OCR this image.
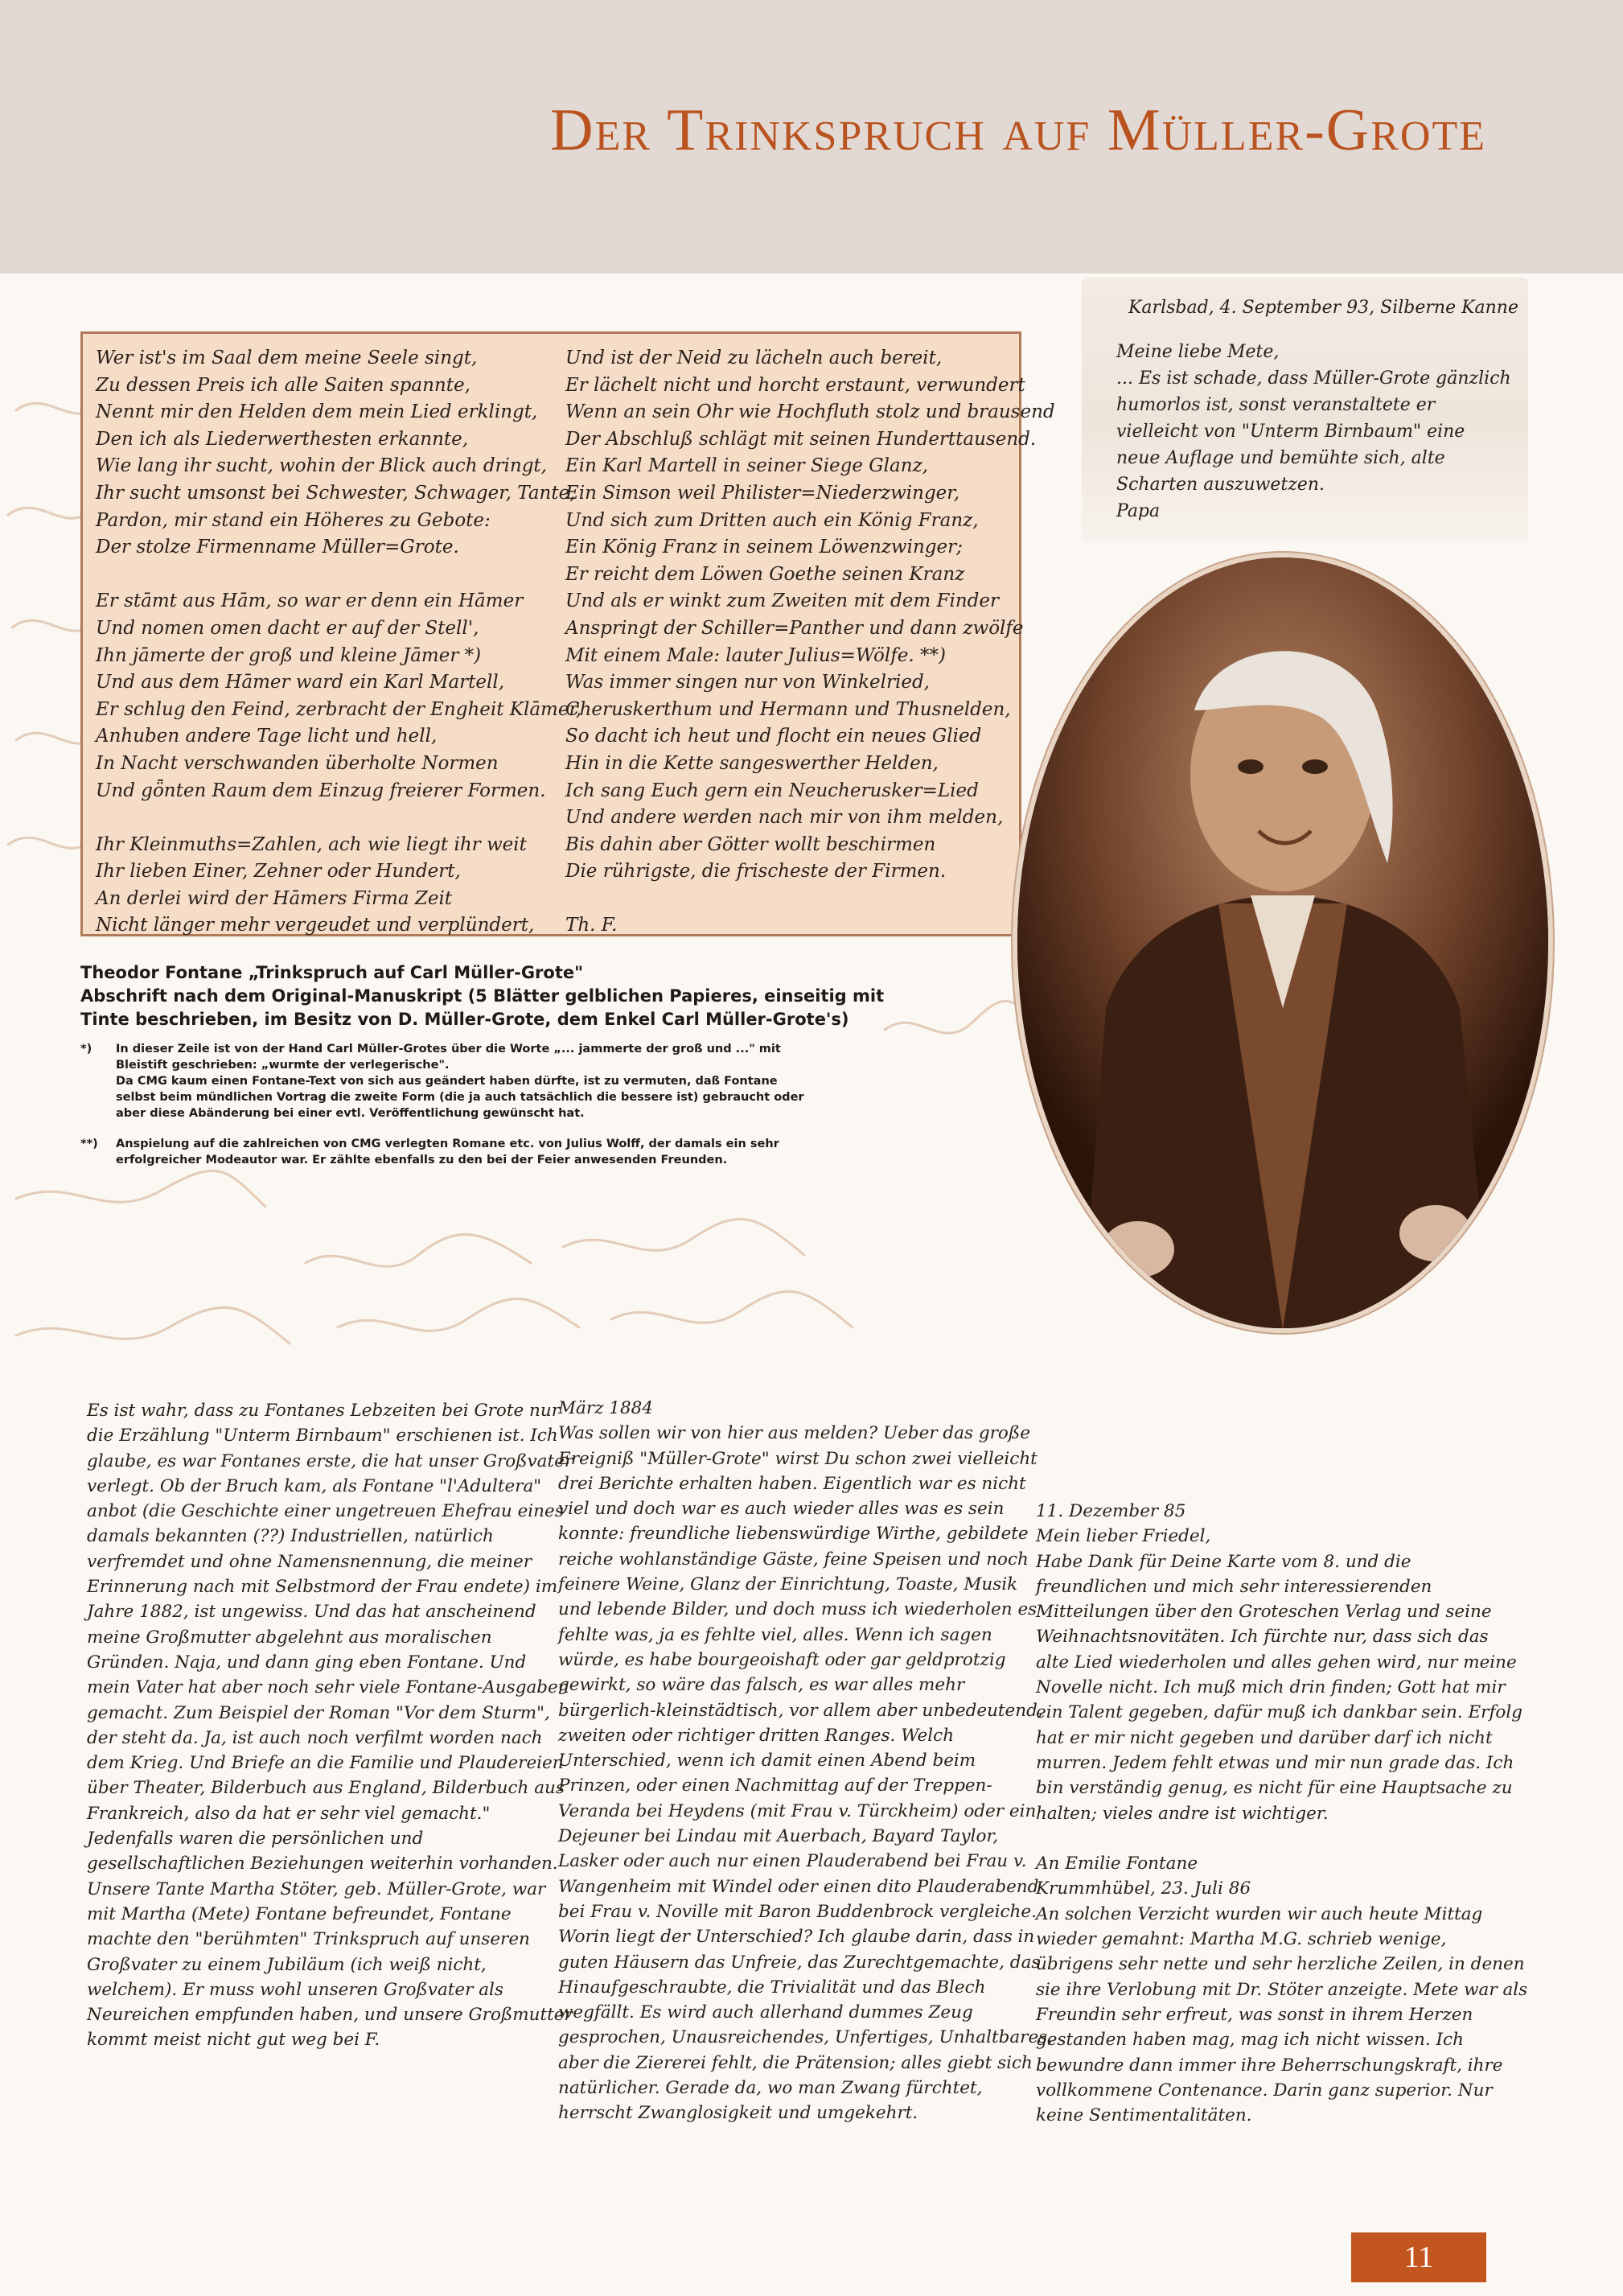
Der Trinkspruch auf Müller-Grote
Wer ist's im Saal dem meine Seele singt,
Zu dessen Preis ich alle Saiten spannte,
Nennt mir den Helden dem mein Lied erklingt,
Den ich als Liederwerthesten erkannte,
Wie lang ihr sucht, wohin der Blick auch dringt,
Ihr sucht umsonst bei Schwester, Schwager, Tante,
Pardon, mir stand ein Höheres zu Gebote:
Der stolze Firmenname Müller=Grote.
Er stāmt aus Hām, so war er denn ein Hāmer
Und nomen omen dacht er auf der Stell',
Ihn jāmerte der groß und kleine Jāmer *)
Und aus dem Hāmer ward ein Karl Martell,
Er schlug den Feind, zerbracht der Engheit Klāmer,
Anhuben andere Tage licht und hell,
In Nacht verschwanden überholte Normen
Und gȫnten Raum dem Einzug freierer Formen.
Ihr Kleinmuths=Zahlen, ach wie liegt ihr weit
Ihr lieben Einer, Zehner oder Hundert,
An derlei wird der Hāmers Firma Zeit
Nicht länger mehr vergeudet und verplündert,
Und ist der Neid zu lächeln auch bereit,
Er lächelt nicht und horcht erstaunt, verwundert
Wenn an sein Ohr wie Hochfluth stolz und brausend
Der Abschluß schlägt mit seinen Hunderttausend.
Ein Karl Martell in seiner Siege Glanz,
Ein Simson weil Philister=Niederzwinger,
Und sich zum Dritten auch ein König Franz,
Ein König Franz in seinem Löwenzwinger;
Er reicht dem Löwen Goethe seinen Kranz
Und als er winkt zum Zweiten mit dem Finder
Anspringt der Schiller=Panther und dann zwölfe
Mit einem Male: lauter Julius=Wölfe. **)
Was immer singen nur von Winkelried,
Cheruskerthum und Hermann und Thusnelden,
So dacht ich heut und flocht ein neues Glied
Hin in die Kette sangeswerther Helden,
Ich sang Euch gern ein Neucherusker=Lied
Und andere werden nach mir von ihm melden,
Bis dahin aber Götter wollt beschirmen
Die rührigste, die frischeste der Firmen.
Th. F.
Karlsbad, 4. September 93, Silberne Kanne
Meine liebe Mete,
... Es ist schade, dass Müller-Grote gänzlich
humorlos ist, sonst veranstaltete er
vielleicht von "Unterm Birnbaum" eine
neue Auflage und bemühte sich, alte
Scharten auszuwetzen.
Papa
Theodor Fontane „Trinkspruch auf Carl Müller-Grote"
Abschrift nach dem Original-Manuskript (5 Blätter gelblichen Papieres, einseitig mit
Tinte beschrieben, im Besitz von D. Müller-Grote, dem Enkel Carl Müller-Grote's)
*)	In dieser Zeile ist von der Hand Carl Müller-Grotes über die Worte „... jammerte der groß und ..." mit
Bleistift geschrieben: „wurmte der verlegerische".
Da CMG kaum einen Fontane-Text von sich aus geändert haben dürfte, ist zu vermuten, daß Fontane
selbst beim mündlichen Vortrag die zweite Form (die ja auch tatsächlich die bessere ist) gebraucht oder
aber diese Abänderung bei einer evtl. Veröffentlichung gewünscht hat.
**)	Anspielung auf die zahlreichen von CMG verlegten Romane etc. von Julius Wolff, der damals ein sehr
erfolgreicher Modeautor war. Er zählte ebenfalls zu den bei der Feier anwesenden Freunden.
Es ist wahr, dass zu Fontanes Lebzeiten bei Grote nur
die Erzählung "Unterm Birnbaum" erschienen ist. Ich
glaube, es war Fontanes erste, die hat unser Großvater
verlegt. Ob der Bruch kam, als Fontane "l'Adultera"
anbot (die Geschichte einer ungetreuen Ehefrau eines
damals bekannten (??) Industriellen, natürlich
verfremdet und ohne Namensnennung, die meiner
Erinnerung nach mit Selbstmord der Frau endete) im
Jahre 1882, ist ungewiss. Und das hat anscheinend
meine Großmutter abgelehnt aus moralischen
Gründen. Naja, und dann ging eben Fontane. Und
mein Vater hat aber noch sehr viele Fontane-Ausgaben
gemacht. Zum Beispiel der Roman "Vor dem Sturm",
der steht da. Ja, ist auch noch verfilmt worden nach
dem Krieg. Und Briefe an die Familie und Plaudereien
über Theater, Bilderbuch aus England, Bilderbuch aus
Frankreich, also da hat er sehr viel gemacht."
Jedenfalls waren die persönlichen und
gesellschaftlichen Beziehungen weiterhin vorhanden.
Unsere Tante Martha Stöter, geb. Müller-Grote, war
mit Martha (Mete) Fontane befreundet, Fontane
machte den "berühmten" Trinkspruch auf unseren
Großvater zu einem Jubiläum (ich weiß nicht,
welchem). Er muss wohl unseren Großvater als
Neureichen empfunden haben, und unsere Großmutter
kommt meist nicht gut weg bei F.
März 1884
Was sollen wir von hier aus melden? Ueber das große
Ereigniß "Müller-Grote" wirst Du schon zwei vielleicht
drei Berichte erhalten haben. Eigentlich war es nicht
viel und doch war es auch wieder alles was es sein
konnte: freundliche liebenswürdige Wirthe, gebildete
reiche wohlanständige Gäste, feine Speisen und noch
feinere Weine, Glanz der Einrichtung, Toaste, Musik
und lebende Bilder, und doch muss ich wiederholen es
fehlte was, ja es fehlte viel, alles. Wenn ich sagen
würde, es habe bourgeoishaft oder gar geldprotzig
gewirkt, so wäre das falsch, es war alles mehr
bürgerlich-kleinstädtisch, vor allem aber unbedeutend,
zweiten oder richtiger dritten Ranges. Welch
Unterschied, wenn ich damit einen Abend beim
Prinzen, oder einen Nachmittag auf der Treppen-
Veranda bei Heydens (mit Frau v. Türckheim) oder ein
Dejeuner bei Lindau mit Auerbach, Bayard Taylor,
Lasker oder auch nur einen Plauderabend bei Frau v.
Wangenheim mit Windel oder einen dito Plauderabend
bei Frau v. Noville mit Baron Buddenbrock vergleiche.
Worin liegt der Unterschied? Ich glaube darin, dass in
guten Häusern das Unfreie, das Zurechtgemachte, das
Hinaufgeschraubte, die Trivialität und das Blech
wegfällt. Es wird auch allerhand dummes Zeug
gesprochen, Unausreichendes, Unfertiges, Unhaltbares,
aber die Ziererei fehlt, die Prätension; alles giebt sich
natürlicher. Gerade da, wo man Zwang fürchtet,
herrscht Zwanglosigkeit und umgekehrt.
11. Dezember 85
Mein lieber Friedel,
Habe Dank für Deine Karte vom 8. und die
freundlichen und mich sehr interessierenden
Mitteilungen über den Groteschen Verlag und seine
Weihnachtsnovitäten. Ich fürchte nur, dass sich das
alte Lied wiederholen und alles gehen wird, nur meine
Novelle nicht. Ich muß mich drin finden; Gott hat mir
ein Talent gegeben, dafür muß ich dankbar sein. Erfolg
hat er mir nicht gegeben und darüber darf ich nicht
murren. Jedem fehlt etwas und mir nun grade das. Ich
bin verständig genug, es nicht für eine Hauptsache zu
halten; vieles andre ist wichtiger.
An Emilie Fontane
Krummhübel, 23. Juli 86
An solchen Verzicht wurden wir auch heute Mittag
wieder gemahnt: Martha M.G. schrieb wenige,
übrigens sehr nette und sehr herzliche Zeilen, in denen
sie ihre Verlobung mit Dr. Stöter anzeigte. Mete war als
Freundin sehr erfreut, was sonst in ihrem Herzen
gestanden haben mag, mag ich nicht wissen. Ich
bewundre dann immer ihre Beherrschungskraft, ihre
vollkommene Contenance. Darin ganz superior. Nur
keine Sentimentalitäten.
11
